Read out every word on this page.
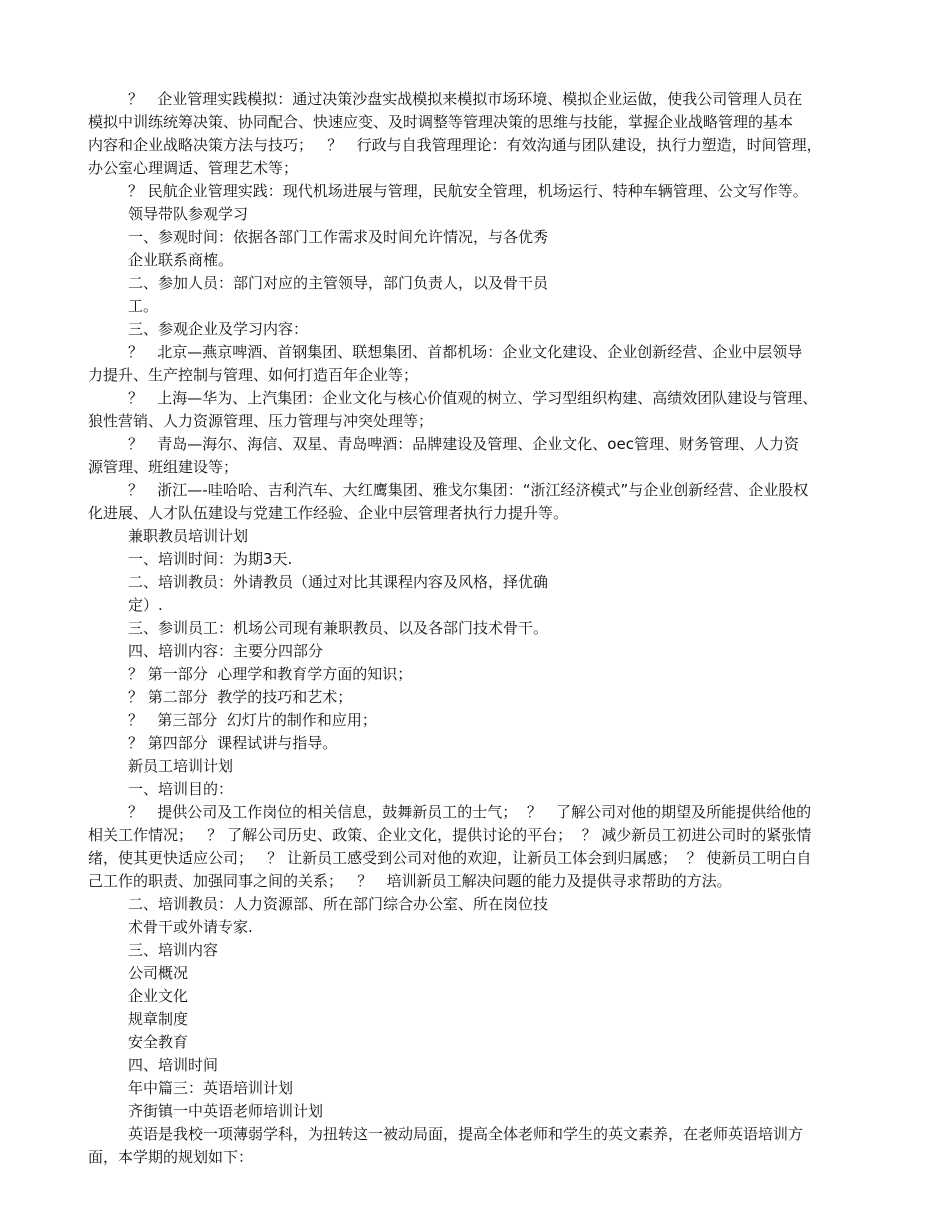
？   企业管理实践模拟：通过决策沙盘实战模拟来模拟市场环境、模拟企业运做，使我公司管理人员在
模拟中训练统筹决策、协同配合、快速应变、及时调整等管理决策的思维与技能，掌握企业战略管理的基本
内容和企业战略决策方法与技巧；   ？   行政与自我管理理论：有效沟通与团队建设，执行力塑造，时间管理，
办公室心理调适、管理艺术等；
？ 民航企业管理实践：现代机场进展与管理，民航安全管理，机场运行、特种车辆管理、公文写作等。
领导带队参观学习
一、参观时间：依据各部门工作需求及时间允许情况，与各优秀
企业联系商榷。
二、参加人员：部门对应的主管领导，部门负责人，以及骨干员
工。
三、参观企业及学习内容：
？   北京—燕京啤酒、首钢集团、联想集团、首都机场：企业文化建设、企业创新经营、企业中层领导
力提升、生产控制与管理、如何打造百年企业等；
？   上海—华为、上汽集团：企业文化与核心价值观的树立、学习型组织构建、高绩效团队建设与管理、
狼性营销、人力资源管理、压力管理与冲突处理等；
？   青岛—海尔、海信、双星、青岛啤酒：品牌建设及管理、企业文化、oec管理、财务管理、人力资
源管理、班组建设等；
？   浙江—-哇哈哈、吉利汽车、大红鹰集团、雅戈尔集团：“浙江经济模式”与企业创新经营、企业股权
化进展、人才队伍建设与党建工作经验、企业中层管理者执行力提升等。
兼职教员培训计划
一、培训时间：为期3天.
二、培训教员：外请教员（通过对比其课程内容及风格，择优确
定）.
三、参训员工：机场公司现有兼职教员、以及各部门技术骨干。
四、培训内容：主要分四部分
？ 第一部分  心理学和教育学方面的知识；
？ 第二部分  教学的技巧和艺术；
？   第三部分  幻灯片的制作和应用；
？ 第四部分  课程试讲与指导。
新员工培训计划
一、培训目的：
？   提供公司及工作岗位的相关信息，鼓舞新员工的士气；  ？   了解公司对他的期望及所能提供给他的
相关工作情况；   ？ 了解公司历史、政策、企业文化，提供讨论的平台；  ？ 减少新员工初进公司时的紧张情
绪，使其更快适应公司；   ？ 让新员工感受到公司对他的欢迎，让新员工体会到归属感；  ？ 使新员工明白自
己工作的职责、加强同事之间的关系；   ？   培训新员工解决问题的能力及提供寻求帮助的方法。
二、培训教员：人力资源部、所在部门综合办公室、所在岗位技
术骨干或外请专家.
三、培训内容
公司概况
企业文化
规章制度
安全教育
四、培训时间
年中篇三：英语培训计划
齐街镇一中英语老师培训计划
英语是我校一项薄弱学科，为扭转这一被动局面，提高全体老师和学生的英文素养，在老师英语培训方
面，本学期的规划如下：
